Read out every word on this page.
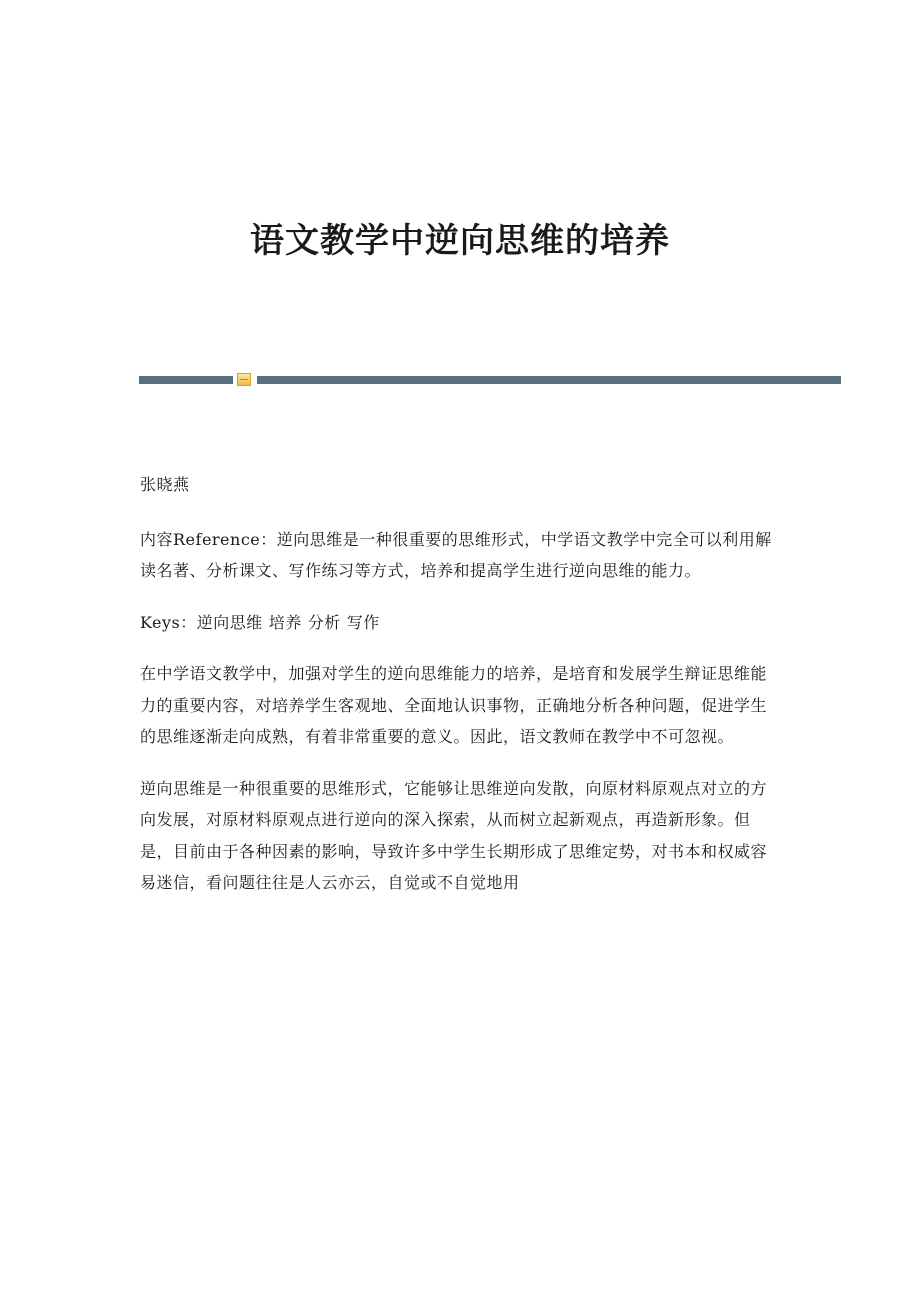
语文教学中逆向思维的培养

张晓燕

内容Reference：逆向思维是一种很重要的思维形式，中学语文教学中完全可以利用解读名著、分析课文、写作练习等方式，培养和提高学生进行逆向思维的能力。

Keys：逆向思维 培养 分析 写作

在中学语文教学中，加强对学生的逆向思维能力的培养，是培育和发展学生辩证思维能力的重要内容，对培养学生客观地、全面地认识事物，正确地分析各种问题，促进学生的思维逐渐走向成熟，有着非常重要的意义。因此，语文教师在教学中不可忽视。

逆向思维是一种很重要的思维形式，它能够让思维逆向发散，向原材料原观点对立的方向发展，对原材料原观点进行逆向的深入探索，从而树立起新观点，再造新形象。但是，目前由于各种因素的影响，导致许多中学生长期形成了思维定势，对书本和权威容易迷信，看问题往往是人云亦云，自觉或不自觉地用
